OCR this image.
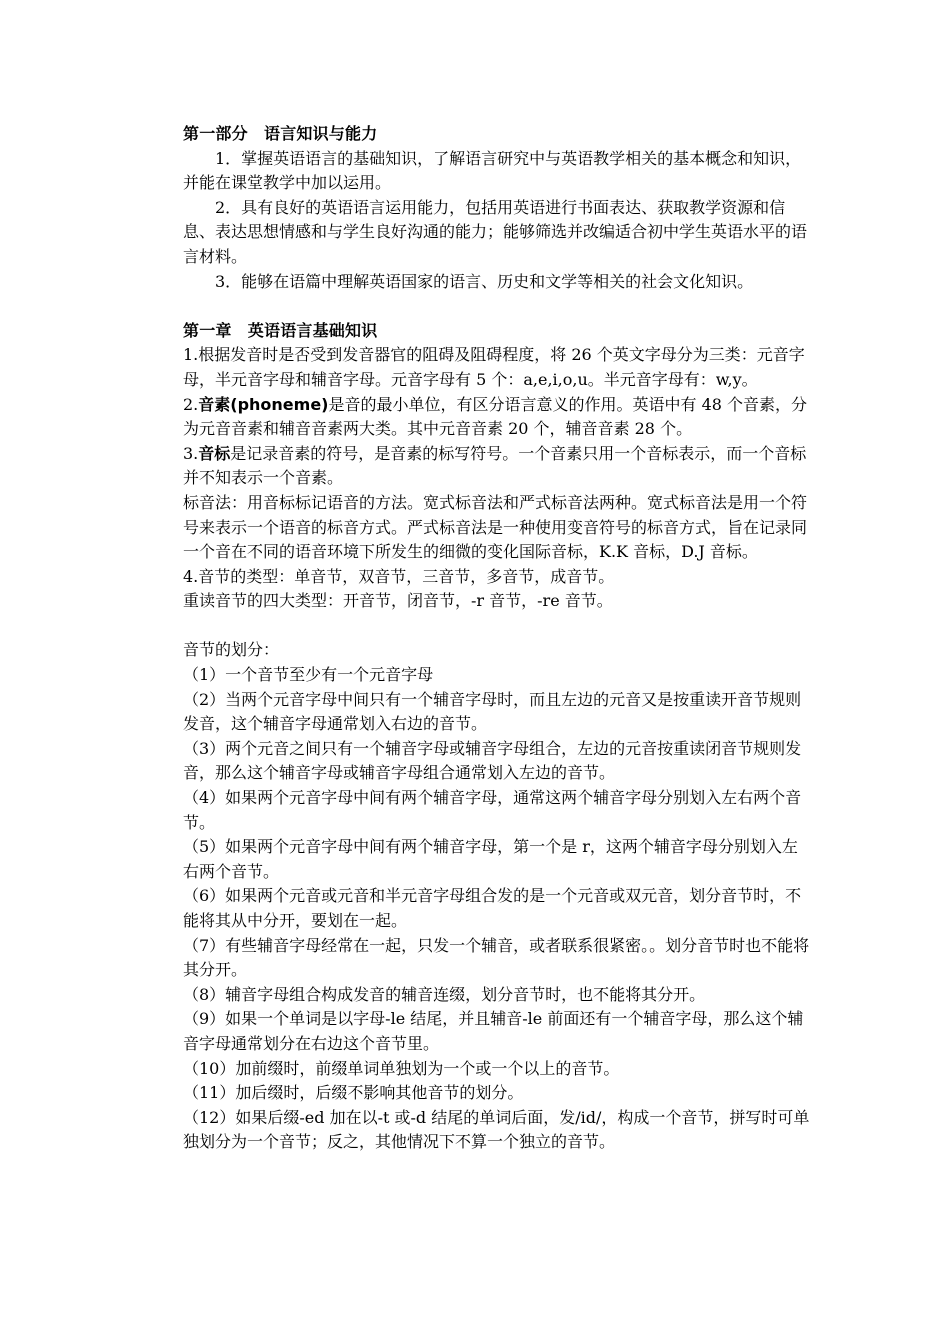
第一部分　语言知识与能力

1．掌握英语语言的基础知识，了解语言研究中与英语教学相关的基本概念和知识，并能在课堂教学中加以运用。

2．具有良好的英语语言运用能力，包括用英语进行书面表达、获取教学资源和信息、表达思想情感和与学生良好沟通的能力；能够筛选并改编适合初中学生英语水平的语言材料。

3．能够在语篇中理解英语国家的语言、历史和文学等相关的社会文化知识。

第一章　英语语言基础知识

1.根据发音时是否受到发音器官的阻碍及阻碍程度，将 26 个英文字母分为三类：元音字母，半元音字母和辅音字母。元音字母有 5 个：a,e,i,o,u。半元音字母有：w,y。

2.音素(phoneme)是音的最小单位，有区分语言意义的作用。英语中有 48 个音素，分为元音音素和辅音音素两大类。其中元音音素 20 个，辅音音素 28 个。

3.音标是记录音素的符号，是音素的标写符号。一个音素只用一个音标表示，而一个音标并不知表示一个音素。

标音法：用音标标记语音的方法。宽式标音法和严式标音法两种。宽式标音法是用一个符号来表示一个语音的标音方式。严式标音法是一种使用变音符号的标音方式，旨在记录同一个音在不同的语音环境下所发生的细微的变化国际音标，K.K 音标，D.J 音标。

4.音节的类型：单音节，双音节，三音节，多音节，成音节。

重读音节的四大类型：开音节，闭音节，-r 音节，-re 音节。

音节的划分：

（1）一个音节至少有一个元音字母

（2）当两个元音字母中间只有一个辅音字母时，而且左边的元音又是按重读开音节规则发音，这个辅音字母通常划入右边的音节。

（3）两个元音之间只有一个辅音字母或辅音字母组合，左边的元音按重读闭音节规则发音，那么这个辅音字母或辅音字母组合通常划入左边的音节。

（4）如果两个元音字母中间有两个辅音字母，通常这两个辅音字母分别划入左右两个音节。

（5）如果两个元音字母中间有两个辅音字母，第一个是 r，这两个辅音字母分别划入左右两个音节。

（6）如果两个元音或元音和半元音字母组合发的是一个元音或双元音，划分音节时，不能将其从中分开，要划在一起。

（7）有些辅音字母经常在一起，只发一个辅音，或者联系很紧密。。划分音节时也不能将其分开。

（8）辅音字母组合构成发音的辅音连缀，划分音节时，也不能将其分开。

（9）如果一个单词是以字母-le 结尾，并且辅音-le 前面还有一个辅音字母，那么这个辅音字母通常划分在右边这个音节里。

（10）加前缀时，前缀单词单独划为一个或一个以上的音节。

（11）加后缀时，后缀不影响其他音节的划分。

（12）如果后缀-ed 加在以-t 或-d 结尾的单词后面，发/id/，构成一个音节，拼写时可单独划分为一个音节；反之，其他情况下不算一个独立的音节。
